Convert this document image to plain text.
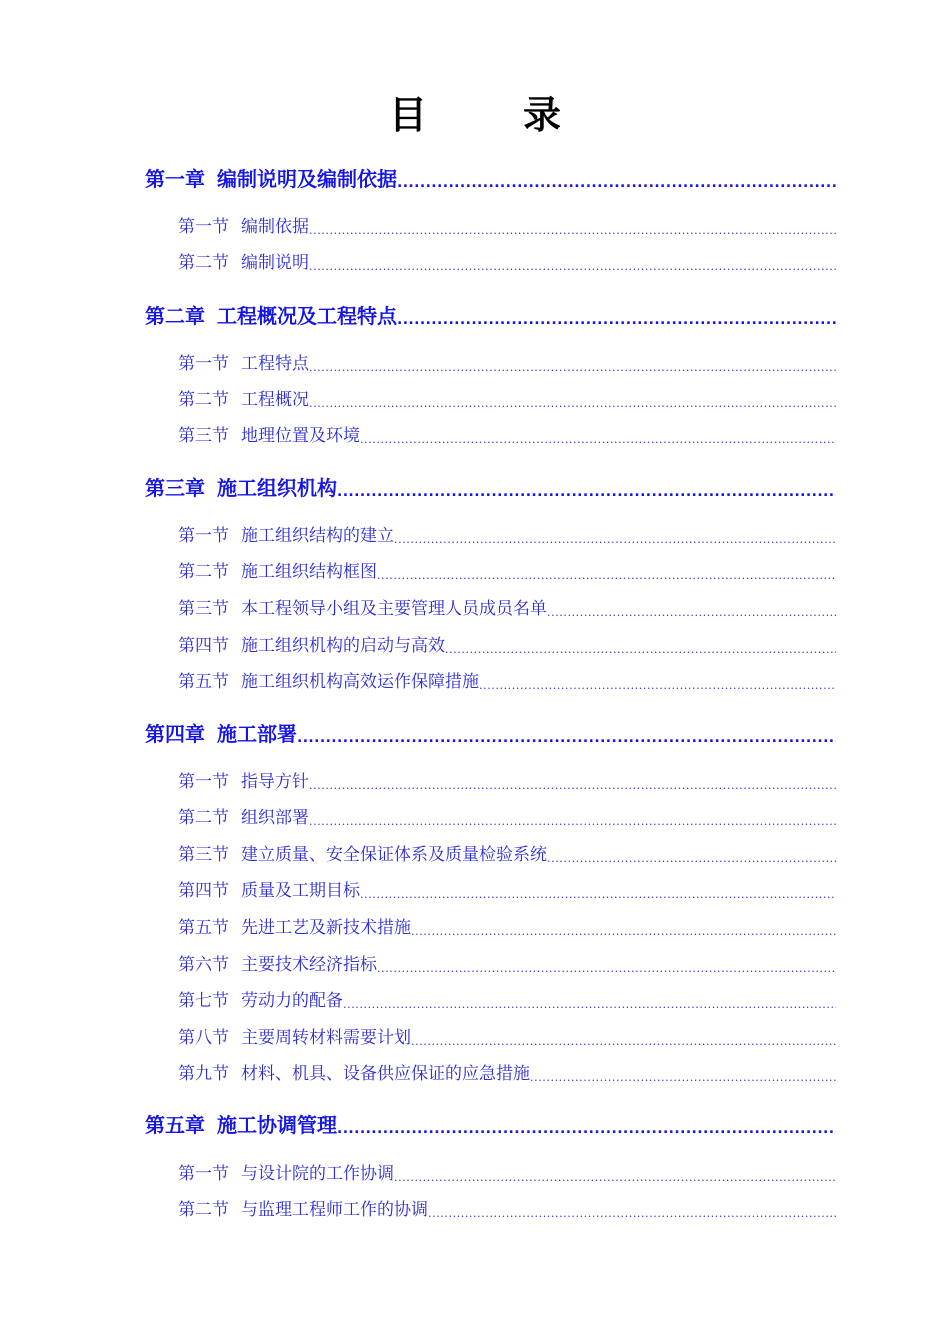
目	录
第一章 编制说明及编制依据
.....
第一节 编制依据
.....
第二节 编制说明
.....
第二章 工程概况及工程特点
.....
第一节 工程特点
.....
第二节 工程概况
.....
第三节 地理位置及环境
.....
第三章 施工组织机构
.....
第一节 施工组织结构的建立
.....
第二节 施工组织结构框图
.....
第三节 本工程领导小组及主要管理人员成员名单
.....
第四节 施工组织机构的启动与高效
.....
第五节 施工组织机构高效运作保障措施
.....
第四章 施工部署
.....
第一节 指导方针
.....
第二节 组织部署
.....
第三节 建立质量、安全保证体系及质量检验系统
.....
第四节 质量及工期目标
.....
第五节 先进工艺及新技术措施
.....
第六节 主要技术经济指标
.....
第七节 劳动力的配备
.....
第八节 主要周转材料需要计划
.....
第九节 材料、机具、设备供应保证的应急措施
.....
第五章 施工协调管理
.....
第一节 与设计院的工作协调
.....
第二节 与监理工程师工作的协调
.....
